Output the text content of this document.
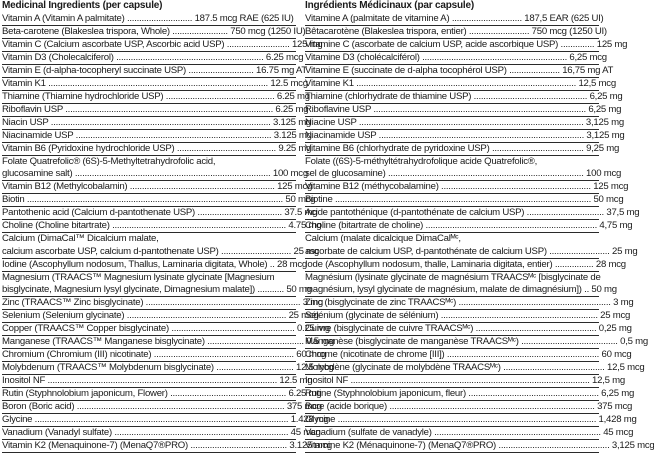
Medicinal Ingredients (per capsule)
Vitamin A (Vitamin A palmitate) ........................... 187.5 mcg RAE (625 IU)
Beta-carotene (Blakeslea trispora, Whole) ....................... 750 mcg (1250 IU)
Vitamin C (Calcium ascorbate USP, Ascorbic acid USP) .......................... 125 mg
Vitamin D3 (Cholecalciferol) ............................................................. 6.25 mcg
Vitamin E (d-alpha-tocopheryl succinate USP) ........................... 16.75 mg AT
Vitamin K1 ........................................................................................... 12.5 mcg
Thiamine (Thiamine hydrochloride USP) ............................................. 6.25 mg
Riboflavin USP ...................................................................................... 6.25 mg
Niacin USP ........................................................................................... 3.125 mg
Niacinamide USP ................................................................................. 3.125 mg
Vitamin B6 (Pyridoxine hydrochloride USP) ......................................... 9.25 mg
Folate Quatrefolic® (6S)-5-Methyltetrahydrofolic acid,
glucosamine salt) ................................................................................. 100 mcg
Vitamin B12 (Methylcobalamin) ............................................................ 125 mcg
Biotin .......................................................................................................... 50 mcg
Pantothenic acid (Calcium d-pantothenate USP) ................................... 37.5 mg
Choline (Choline bitartrate) ........................................................................ 4.75 mg
Calcium (DimaCal™ Dicalcium malate,
calcium ascorbate USP, calcium d-pantothenate USP) ............................. 25 mg
Iodine (Ascophyllum nodosum, Thallus, Laminaria digitata, Whole) .. 28 mcg
Magnesium (TRAACS™ Magnesium lysinate glycinate [Magnesium
bisglycinate, Magnesium lysyl glycinate, Dimagnesium malate]) ........... 50 mg
Zinc (TRAACS™ Zinc bisglycinate) ................................................................ 3 mg
Selenium (Selenium glycinate) .................................................................. 25 mcg
Copper (TRAACS™ Copper bisglycinate) ................................................... 0.25 mg
Manganese (TRAACS™ Manganese bisglycinate) ........................................ 0.5 mg
Chromium (Chromium (III) nicotinate) .......................................................... 60 mcg
Molybdenum (TRAACS™ Molybdenum bisglycinate) ................................ 12.5 mcg
Inositol NF ............................................................................................... 12.5 mg
Rutin (Styphnolobium japonicum, Flower) ................................................ 6.25 mg
Boron (Boric acid) ...................................................................................... 375 mcg
Glycine ......................................................................................................... 1.428 mg
Vanadium (Vanadyl sulfate) ........................................................................ 45 mcg
Vitamin K2 (Menaquinone-7) (MenaQ7®PRO) ........................................ 3.125 mcg
Ingrédients Médicinaux (par capsule)
Vitamine A (palmitate de vitamine A) ............................. 187,5 EAR (625 UI)
Bêtacarotène (Blakeslea trispora, entier) ......................... 750 mcg (1250 UI)
Vitamine C (ascorbate de calcium USP, acide ascorbique USP) .............. 125 mg
Vitamine D3 (cholécalciférol) ............................................................ 6,25 mcg
Vitamine E (succinate de d-alpha tocophérol USP) ..................... 16,75 mg AT
Vitamine K1 ........................................................................................... 12,5 mcg
Thiamine (chlorhydrate de thiamine USP) ............................................... 6,25 mg
Riboflavine USP ........................................................................................ 6,25 mg
Niacine USP ............................................................................................. 3,125 mg
Niacinamide USP ..................................................................................... 3,125 mg
Vitamine B6 (chlorhydrate de pyridoxine USP) ...................................... 9,25 mg
Folate ((6S)-5-méthyltétrahydrofolique acide Quatrefolic®,
sel de glucosamine) ................................................................................. 100 mcg
Vitamine B12 (méthycobalamine) .............................................................. 125 mcg
Biotine .......................................................................................................... 50 mcg
Acide pantothénique (d-pantothénate de calcium USP) ................................ 37,5 mg
Choline (bitartrate de choline) ....................................................................... 4,75 mg
Calcium (malate dicalcique DimaCalᴹᶜ,
ascorbate de calcium USP, d-pantothénate de calcium USP) ......................... 25 mg
Iode (Ascophyllum nodosum, thalle, Laminaria digitata, entier) ................ 28 mcg
Magnésium (lysinate glycinate de magnésium TRAACSᴹᶜ [bisglycinate de
magnésium, lysyl glycinate de magnésium, malate de dimagnésium]) .. 50 mg
Zinc (bisglycinate de zinc TRAACSᴹᶜ) ............................................................... 3 mg
Sélénium (glycinate de sélénium) ................................................................. 25 mcg
Cuivre (bisglycinate de cuivre TRAACSᴹᶜ) .................................................. 0,25 mg
Manganèse (bisglycinate de manganèse TRAACSᴹᶜ) ........................................ 0,5 mg
Chrome (nicotinate de chrome [III]) ............................................................... 60 mcg
Molybdène (glycinate de molybdène TRAACSᴹᶜ) .......................................... 12,5 mcg
Inositol NF ................................................................................................... 12,5 mg
Rutine (Styphnolobium japonicum, fleur) ...................................................... 6,25 mg
Bore (acide borique) ..................................................................................... 375 mcg
Glycine ........................................................................................................... 1,428 mg
Vanadium (sulfate de vanadyle) ..................................................................... 45 mcg
Vitamine K2 (Ménaquinone-7) (MenaQ7®PRO) .............................................. 3,125 mcg
